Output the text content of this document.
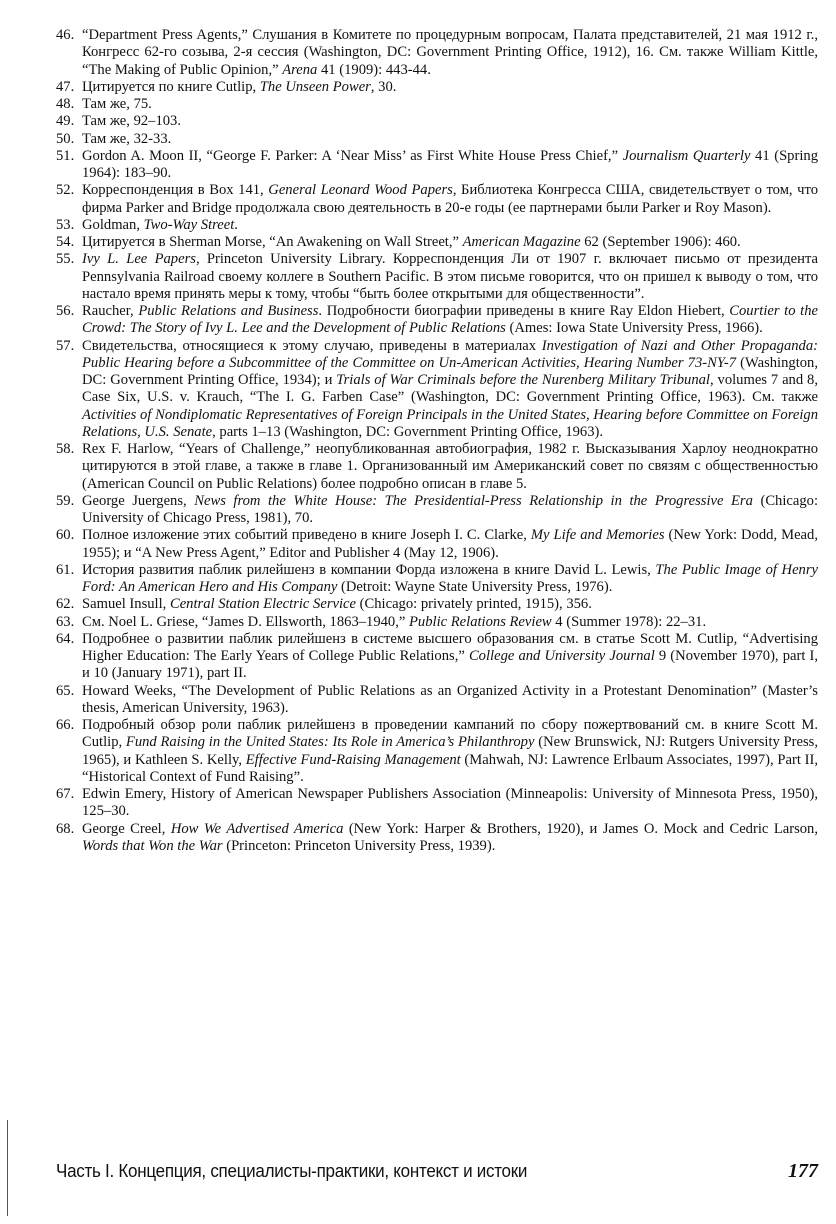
46. “Department Press Agents,” Слушания в Комитете по процедурным вопросам, Палата представителей, 21 мая 1912 г., Конгресс 62-го созыва, 2-я сессия (Washington, DC: Government Printing Office, 1912), 16. См. также William Kittle, “The Making of Public Opinion,” Arena 41 (1909): 443-44.

47. Цитируется по книге Cutlip, The Unseen Power, 30.

48. Там же, 75.

49. Там же, 92–103.

50. Там же, 32-33.

51. Gordon A. Moon II, “George F. Parker: A ‘Near Miss’ as First White House Press Chief,” Journalism Quarterly 41 (Spring 1964): 183–90.

52. Корреспонденция в Box 141, General Leonard Wood Papers, Библиотека Конгресса США, свидетельствует о том, что фирма Parker and Bridge продолжала свою деятельность в 20-е годы (ее партнерами были Parker и Roy Mason).

53. Goldman, Two-Way Street.

54. Цитируется в Sherman Morse, “An Awakening on Wall Street,” American Magazine 62 (September 1906): 460.

55. Ivy L. Lee Papers, Princeton University Library. Корреспонденция Ли от 1907 г. включает письмо от президента Pennsylvania Railroad своему коллеге в Southern Pacific. В этом письме говорится, что он пришел к выводу о том, что настало время принять меры к тому, чтобы “быть более открытыми для общественности”.

56. Raucher, Public Relations and Business. Подробности биографии приведены в книге Ray Eldon Hiebert, Courtier to the Crowd: The Story of Ivy L. Lee and the Development of Public Relations (Ames: Iowa State University Press, 1966).

57. Свидетельства, относящиеся к этому случаю, приведены в материалах Investigation of Nazi and Other Propaganda: Public Hearing before a Subcommittee of the Committee on Un-American Activities, Hearing Number 73-NY-7 (Washington, DC: Government Printing Office, 1934); и Trials of War Criminals before the Nurenberg Military Tribunal, volumes 7 and 8, Case Six, U.S. v. Krauch, “The I. G. Farben Case” (Washington, DC: Government Printing Office, 1963). См. также Activities of Nondiplomatic Representatives of Foreign Principals in the United States, Hearing before Committee on Foreign Relations, U.S. Senate, parts 1–13 (Washington, DC: Government Printing Office, 1963).

58. Rex F. Harlow, “Years of Challenge,” неопубликованная автобиография, 1982 г. Высказывания Харлоу неоднократно цитируются в этой главе, а также в главе 1. Организованный им Американский совет по связям с общественностью (American Council on Public Relations) более подробно описан в главе 5.

59. George Juergens, News from the White House: The Presidential-Press Relationship in the Progressive Era (Chicago: University of Chicago Press, 1981), 70.

60. Полное изложение этих событий приведено в книге Joseph I. C. Clarke, My Life and Memories (New York: Dodd, Mead, 1955); и “A New Press Agent,” Editor and Publisher 4 (May 12, 1906).

61. История развития паблик рилейшенз в компании Форда изложена в книге David L. Lewis, The Public Image of Henry Ford: An American Hero and His Company (Detroit: Wayne State University Press, 1976).

62. Samuel Insull, Central Station Electric Service (Chicago: privately printed, 1915), 356.

63. См. Noel L. Griese, “James D. Ellsworth, 1863–1940,” Public Relations Review 4 (Summer 1978): 22–31.

64. Подробнее о развитии паблик рилейшенз в системе высшего образования см. в статье Scott M. Cutlip, “Advertising Higher Education: The Early Years of College Public Relations,” College and University Journal 9 (November 1970), part I, и 10 (January 1971), part II.

65. Howard Weeks, “The Development of Public Relations as an Organized Activity in a Protestant Denomination” (Master’s thesis, American University, 1963).

66. Подробный обзор роли паблик рилейшенз в проведении кампаний по сбору пожертвований см. в книге Scott M. Cutlip, Fund Raising in the United States: Its Role in America’s Philanthropy (New Brunswick, NJ: Rutgers University Press, 1965), и Kathleen S. Kelly, Effective Fund-Raising Management (Mahwah, NJ: Lawrence Erlbaum Associates, 1997), Part II, “Historical Context of Fund Raising”.

67. Edwin Emery, History of American Newspaper Publishers Association (Minneapolis: University of Minnesota Press, 1950), 125–30.

68. George Creel, How We Advertised America (New York: Harper & Brothers, 1920), и James O. Mock and Cedric Larson, Words that Won the War (Princeton: Princeton University Press, 1939).

Часть I. Концепция, специалисты-практики, контекст и истоки	177
